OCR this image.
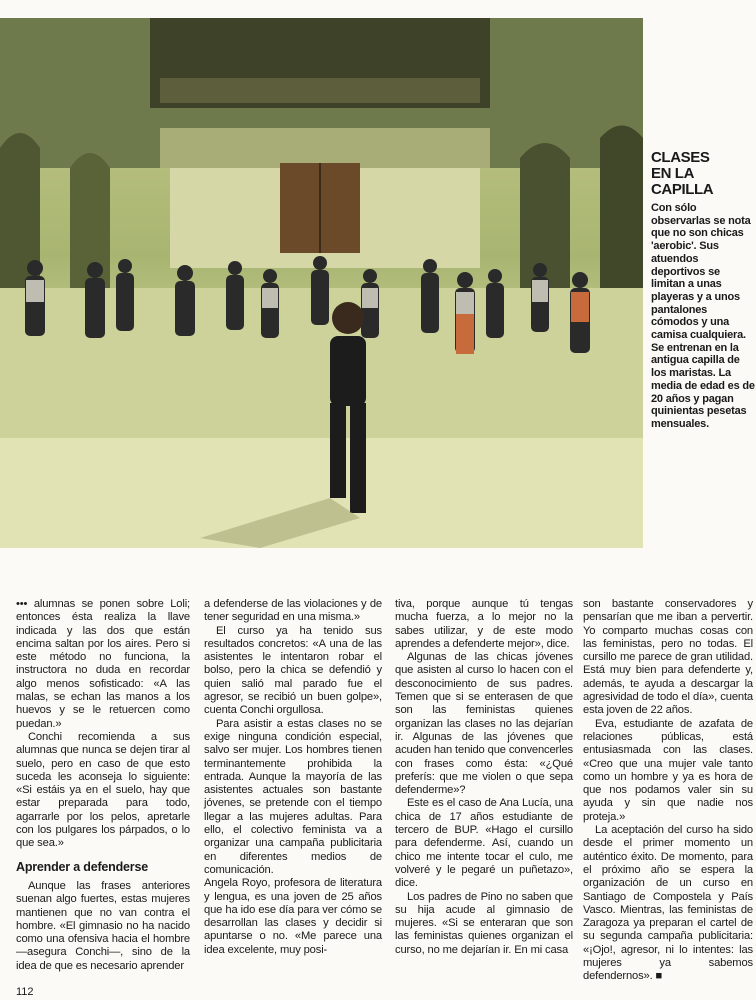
CLASES
EN LA CAPILLA

Con sólo observarlas se nota que no son chicas 'aerobic'. Sus atuendos deportivos se limitan a unas playeras y a unos pantalones cómodos y una camisa cualquiera. Se entrenan en la antigua capilla de los maristas. La media de edad es de 20 años y pagan quinientas pesetas mensuales.

••• alumnas se ponen sobre Loli; entonces ésta realiza la llave indicada y las dos que están encima saltan por los aires. Pero si este método no funciona, la instructora no duda en recordar algo menos sofisticado: «A las malas, se echan las manos a los huevos y se le retuercen como puedan.»

Conchi recomienda a sus alumnas que nunca se dejen tirar al suelo, pero en caso de que esto suceda les aconseja lo siguiente: «Si estáis ya en el suelo, hay que estar preparada para todo, agarrarle por los pelos, apretarle con los pulgares los párpados, o lo que sea.»

Aprender a defenderse

Aunque las frases anteriores suenan algo fuertes, estas mujeres mantienen que no van contra el hombre. «El gimnasio no ha nacido como una ofensiva hacia el hombre —asegura Conchi—, sino de la idea de que es necesario aprender

a defenderse de las violaciones y de tener seguridad en una misma.»

El curso ya ha tenido sus resultados concretos: «A una de las asistentes le intentaron robar el bolso, pero la chica se defendió y quien salió mal parado fue el agresor, se recibió un buen golpe», cuenta Conchi orgullosa.

Para asistir a estas clases no se exige ninguna condición especial, salvo ser mujer. Los hombres tienen terminantemente prohibida la entrada. Aunque la mayoría de las asistentes actuales son bastante jóvenes, se pretende con el tiempo llegar a las mujeres adultas. Para ello, el colectivo feminista va a organizar una campaña publicitaria en diferentes medios de comunicación.

Angela Royo, profesora de literatura y lengua, es una joven de 25 años que ha ido ese día para ver cómo se desarrollan las clases y decidir si apuntarse o no. «Me parece una idea excelente, muy posi-

tiva, porque aunque tú tengas mucha fuerza, a lo mejor no la sabes utilizar, y de este modo aprendes a defenderte mejor», dice.

Algunas de las chicas jóvenes que asisten al curso lo hacen con el desconocimiento de sus padres. Temen que si se enterasen de que son las feministas quienes organizan las clases no las dejarían ir. Algunas de las jóvenes que acuden han tenido que convencerles con frases como ésta: «¿Qué preferís: que me violen o que sepa defenderme»?

Este es el caso de Ana Lucía, una chica de 17 años estudiante de tercero de BUP. «Hago el cursillo para defenderme. Así, cuando un chico me intente tocar el culo, me volveré y le pegaré un puñetazo», dice.

Los padres de Pino no saben que su hija acude al gimnasio de mujeres. «Si se enteraran que son las feministas quienes organizan el curso, no me dejarían ir. En mi casa

son bastante conservadores y pensarían que me iban a pervertir. Yo comparto muchas cosas con las feministas, pero no todas. El cursillo me parece de gran utilidad. Está muy bien para defenderte y, además, te ayuda a descargar la agresividad de todo el día», cuenta esta joven de 22 años.

Eva, estudiante de azafata de relaciones públicas, está entusiasmada con las clases. «Creo que una mujer vale tanto como un hombre y ya es hora de que nos podamos valer sin su ayuda y sin que nadie nos proteja.»

La aceptación del curso ha sido desde el primer momento un auténtico éxito. De momento, para el próximo año se espera la organización de un curso en Santiago de Compostela y País Vasco. Mientras, las feministas de Zaragoza ya preparan el cartel de su segunda campaña publicitaria: «¡Ojo!, agresor, ni lo intentes: las mujeres ya sabemos defendernos». ■

112
